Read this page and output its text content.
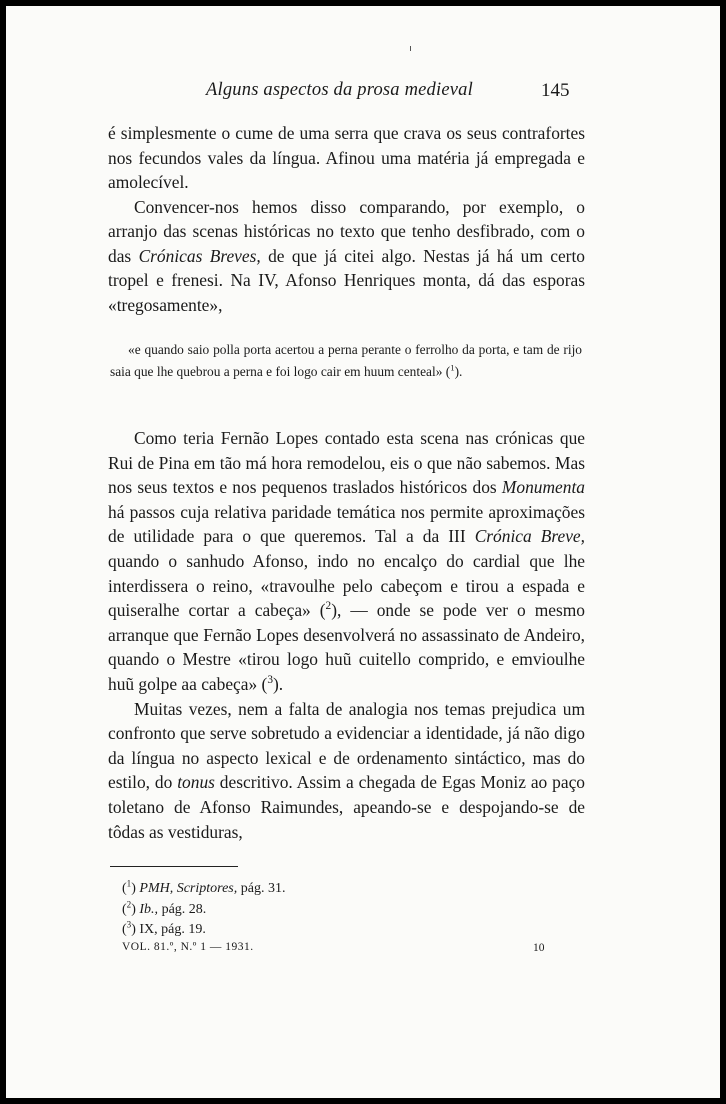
Alguns aspectos da prosa medieval	145

é simplesmente o cume de uma serra que crava os seus contrafortes nos fecundos vales da língua. Afinou uma matéria já empregada e amolecível.

Convencer-nos hemos disso comparando, por exemplo, o arranjo das scenas históricas no texto que tenho desfibrado, com o das Crónicas Breves, de que já citei algo. Nestas já há um certo tropel e frenesi. Na IV, Afonso Henriques monta, dá das esporas «tregosamente»,

«e quando saio polla porta acertou a perna perante o ferrolho da porta, e tam de rijo saia que lhe quebrou a perna e foi logo cair em huum centeal» ($^1$).

Como teria Fernão Lopes contado esta scena nas crónicas que Rui de Pina em tão má hora remodelou, eis o que não sabemos. Mas nos seus textos e nos pequenos traslados históricos dos Monumenta há passos cuja relativa paridade temática nos permite aproximações de utilidade para o que queremos. Tal a da III Crónica Breve, quando o sanhudo Afonso, indo no encalço do cardial que lhe interdissera o reino, «travoulhe pelo cabeçom e tirou a espada e quiseralhe cortar a cabeça» ($^2$), — onde se pode ver o mesmo arranque que Fernão Lopes desenvolverá no assassinato de Andeiro, quando o Mestre «tirou logo huũ cuitello comprido, e emvioulhe huũ golpe aa cabeça» ($^3$).

Muitas vezes, nem a falta de analogia nos temas prejudica um confronto que serve sobretudo a evidenciar a identidade, já não digo da língua no aspecto lexical e de ordenamento sintáctico, mas do estilo, do tonus descritivo. Assim a chegada de Egas Moniz ao paço toletano de Afonso Raimundes, apeando-se e despojando-se de tôdas as vestiduras,

($^1$) PMH, Scriptores, pág. 31.
($^2$) Ib., pág. 28.
($^3$) IX, pág. 19.
VOL. 81.º, N.º 1 — 1931.	10
